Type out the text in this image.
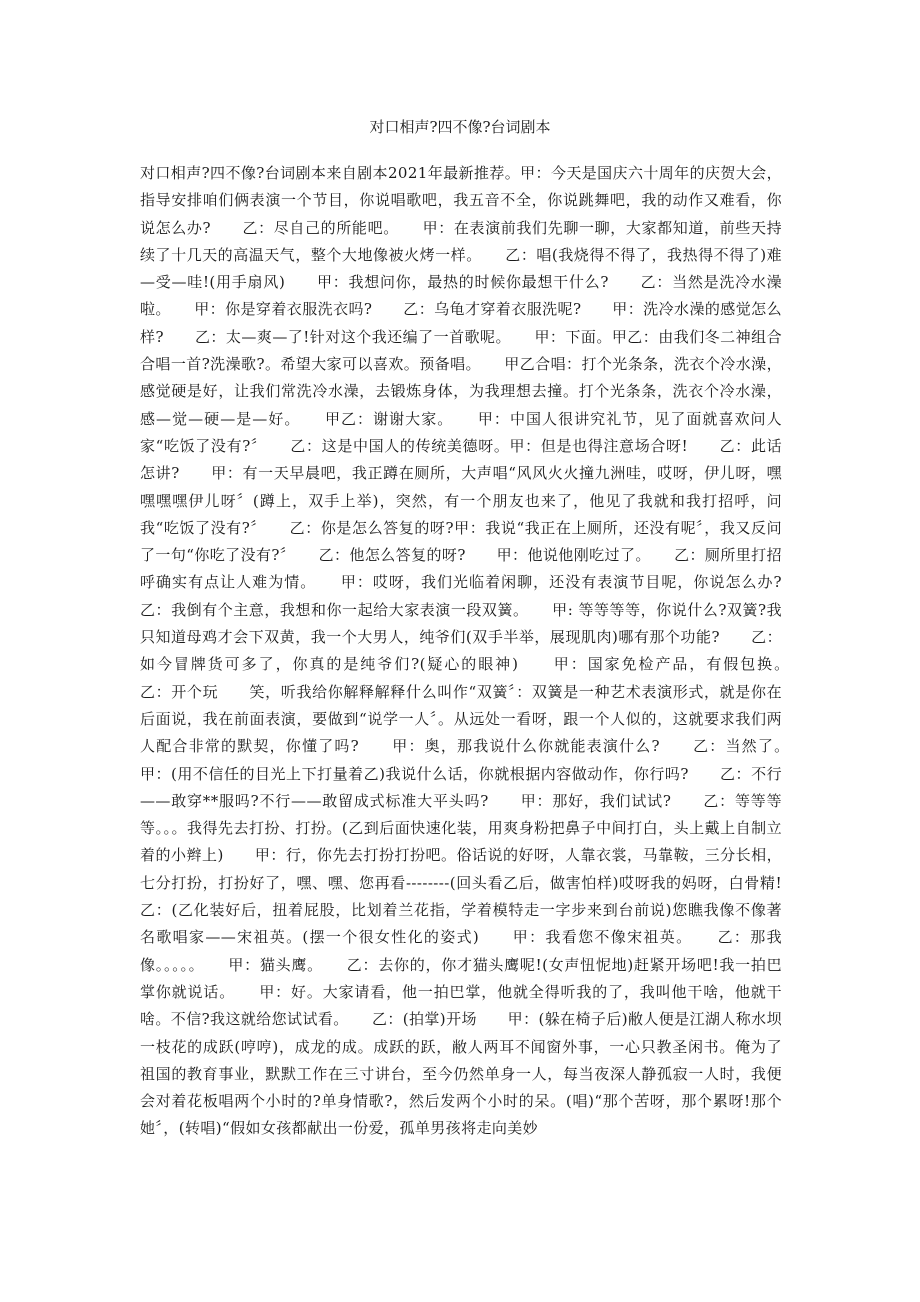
对口相声?四不像?台词剧本

对口相声?四不像?台词剧本来自剧本2021年最新推荐。甲：今天是国庆六十周年的庆贺大会，指导安排咱们俩表演一个节目，你说唱歌吧，我五音不全，你说跳舞吧，我的动作又难看，你说怎么办?　　乙：尽自己的所能吧。　　甲：在表演前我们先聊一聊，大家都知道，前些天持续了十几天的高温天气，整个大地像被火烤一样。　　乙：唱(我烧得不得了，我热得不得了)难—受—哇!(用手扇风)　　甲：我想问你，最热的时候你最想干什么?　　乙：当然是洗冷水澡啦。　　甲：你是穿着衣服洗衣吗?　　乙：乌龟才穿着衣服洗呢?　　甲：洗冷水澡的感觉怎么样?　　乙：太—爽—了!针对这个我还编了一首歌呢。　　甲：下面。甲乙：由我们冬二神组合合唱一首?洗澡歌?。希望大家可以喜欢。预备唱。　　甲乙合唱：打个光条条，洗衣个冷水澡，感觉硬是好，让我们常洗冷水澡，去锻炼身体，为我理想去撞。打个光条条，洗衣个冷水澡，感—觉—硬—是—好。　　甲乙：谢谢大家。　　甲：中国人很讲究礼节，见了面就喜欢问人家“吃饭了没有?〞　　乙：这是中国人的传统美德呀。甲：但是也得注意场合呀!　　乙：此话怎讲?　　甲：有一天早晨吧，我正蹲在厕所，大声唱“风风火火撞九洲哇，哎呀，伊儿呀，嘿嘿嘿嘿伊儿呀〞(蹲上，双手上举)，突然，有一个朋友也来了，他见了我就和我打招呼，问我“吃饭了没有?〞　　乙：你是怎么答复的呀?甲：我说“我正在上厕所，还没有呢〞，我又反问了一句“你吃了没有?〞　　乙：他怎么答复的呀?　　甲：他说他刚吃过了。　　乙：厕所里打招呼确实有点让人难为情。　　甲：哎呀，我们光临着闲聊，还没有表演节目呢，你说怎么办?　　乙：我倒有个主意，我想和你一起给大家表演一段双簧。　　甲: 等等等等，你说什么?双簧?我只知道母鸡才会下双黄，我一个大男人，纯爷们(双手半举，展现肌肉)哪有那个功能?　　乙：如今冒牌货可多了，你真的是纯爷们?(疑心的眼神)　　甲：国家免检产品，有假包换。　　乙：开个玩　　笑，听我给你解释解释什么叫作“双簧〞：双簧是一种艺术表演形式，就是你在后面说，我在前面表演，要做到“说学一人〞。从远处一看呀，跟一个人似的，这就要求我们两人配合非常的默契，你懂了吗?　　甲：奥，那我说什么你就能表演什么?　　乙：当然了。　　甲：(用不信任的目光上下打量着乙)我说什么话，你就根据内容做动作，你行吗?　　乙：不行——敢穿**服吗?不行——敢留成式标准大平头吗?　　甲：那好，我们试试?　　乙：等等等等。。。我得先去打扮、打扮。(乙到后面快速化装，用爽身粉把鼻子中间打白，头上戴上自制立着的小辫上)　　甲：行，你先去打扮打扮吧。俗话说的好呀，人靠衣裳，马靠鞍，三分长相，七分打扮，打扮好了，嘿、嘿、您再看--------(回头看乙后，做害怕样)哎呀我的妈呀，白骨精!　　乙：(乙化装好后，扭着屁股，比划着兰花指，学着模特走一字步来到台前说)您瞧我像不像著名歌唱家——宋祖英。(摆一个很女性化的姿式)　　甲：我看您不像宋祖英。　　乙：那我像。。。。。　　甲：猫头鹰。　　乙：去你的，你才猫头鹰呢!(女声忸怩地)赶紧开场吧!我一拍巴掌你就说话。　　甲：好。大家请看，他一拍巴掌，他就全得听我的了，我叫他干啥，他就干啥。不信?我这就给您试试看。　　乙：(拍掌)开场　　甲：(躲在椅子后)敝人便是江湖人称水坝一枝花的成跃(哼哼)，成龙的成。成跃的跃，敝人两耳不闻窗外事，一心只教圣闲书。俺为了祖国的教育事业，默默工作在三寸讲台，至今仍然单身一人，每当夜深人静孤寂一人时，我便会对着花板唱两个小时的?单身情歌?，然后发两个小时的呆。(唱)“那个苦呀，那个累呀!那个她〞，(转唱)“假如女孩都献出一份爱，孤单男孩将走向美妙
